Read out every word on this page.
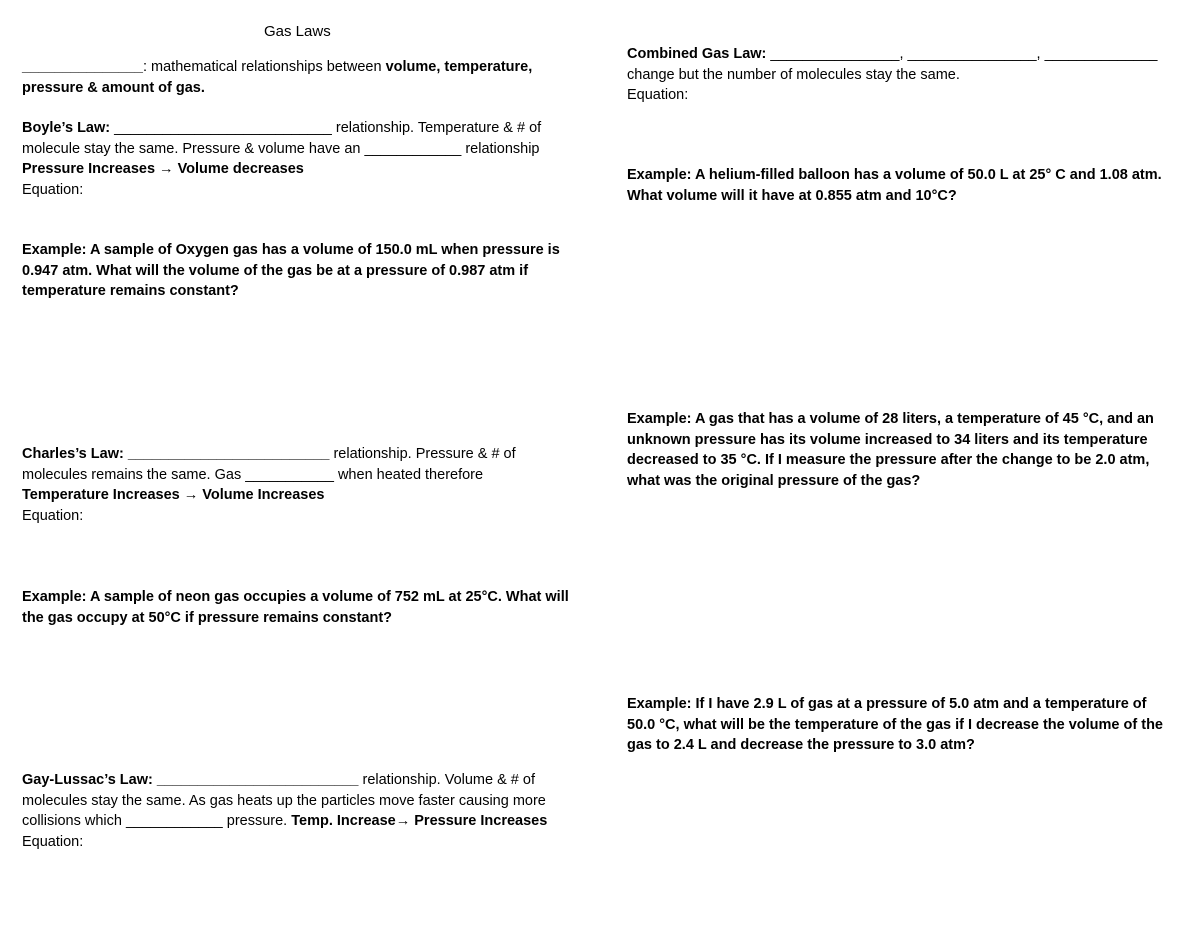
Gas Laws

_______________: mathematical relationships between volume, temperature,

pressure & amount of gas.

Boyle’s Law: ___________________________ relationship. Temperature & # of

molecule stay the same. Pressure & volume have an ____________ relationship

Pressure Increases → Volume decreases

Equation:

Example: A sample of Oxygen gas has a volume of 150.0 mL when pressure is

0.947 atm. What will the volume of the gas be at a pressure of 0.987 atm if

temperature remains constant?

Charles’s Law: _________________________ relationship. Pressure & # of

molecules remains the same. Gas ___________ when heated therefore

Temperature Increases → Volume Increases

Equation:

Example: A sample of neon gas occupies a volume of 752 mL at 25°C. What will

the gas occupy at 50°C if pressure remains constant?

Gay-Lussac’s Law: _________________________ relationship. Volume & # of

molecules stay the same. As gas heats up the particles move faster causing more

collisions which ____________ pressure. Temp. Increase→ Pressure Increases

Equation:

Combined Gas Law: ________________, ________________, ______________

change but the number of molecules stay the same.

Equation:

Example: A helium-filled balloon has a volume of 50.0 L at 25° C and 1.08 atm.

What volume will it have at 0.855 atm and 10°C?

Example: A gas that has a volume of 28 liters, a temperature of 45 °C, and an

unknown pressure has its volume increased to 34 liters and its temperature

decreased to 35 °C. If I measure the pressure after the change to be 2.0 atm,

what was the original pressure of the gas?

Example: If I have 2.9 L of gas at a pressure of 5.0 atm and a temperature of

50.0 °C, what will be the temperature of the gas if I decrease the volume of the

gas to 2.4 L and decrease the pressure to 3.0 atm?
